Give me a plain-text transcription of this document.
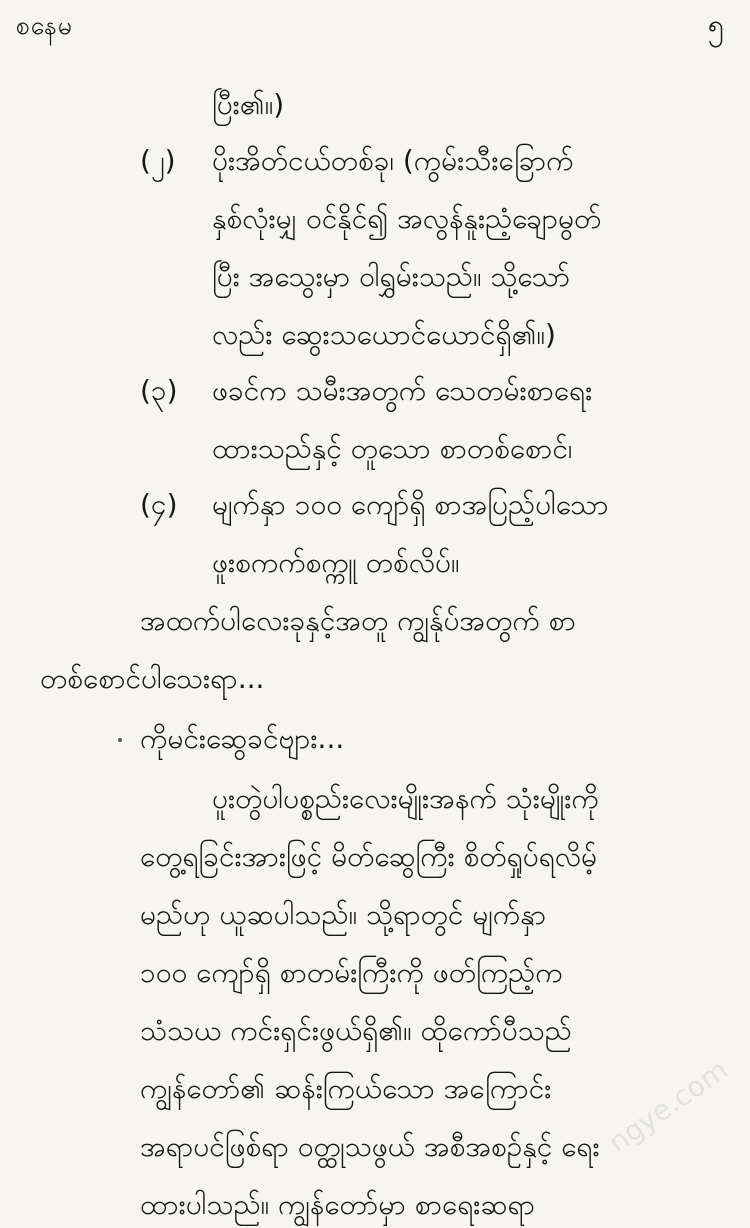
စနေမ	၅
ပြီး၏။)
(၂) ပိုးအိတ်ငယ်တစ်ခု၊ (ကွမ်းသီးခြောက်
နှစ်လုံးမျှ ဝင်နိုင်၍ အလွန်နူးညံ့ချောမွတ်
ပြီး အသွေးမှာ ဝါရွှမ်းသည်။ သို့သော်
လည်း ဆွေးသယောင်ယောင်ရှိ၏။)
(၃) ဖခင်က သမီးအတွက် သေတမ်းစာရေး
ထားသည်နှင့် တူသော စာတစ်စောင်၊
(၄) မျက်နှာ ၁၀၀ ကျော်ရှိ စာအပြည့်ပါသော
ဖူးစကက်စက္ကူ တစ်လိပ်။
အထက်ပါလေးခုနှင့်အတူ ကျွန်ုပ်အတွက် စာ
တစ်စောင်ပါသေးရာ...
ကိုမင်းဆွေခင်ဗျား...
ပူးတွဲပါပစ္စည်းလေးမျိုးအနက် သုံးမျိုးကို
တွေ့ရခြင်းအားဖြင့် မိတ်ဆွေကြီး စိတ်ရှုပ်ရလိမ့်
မည်ဟု ယူဆပါသည်။ သို့ရာတွင် မျက်နှာ
၁၀၀ ကျော်ရှိ စာတမ်းကြီးကို ဖတ်ကြည့်က
သံသယ ကင်းရှင်းဖွယ်ရှိ၏။ ထိုကော်ပီသည်
ကျွန်တော်၏ ဆန်းကြယ်သော အကြောင်း
အရာပင်ဖြစ်ရာ ဝတ္ထုသဖွယ် အစီအစဉ်နှင့် ရေး
ထားပါသည်။ ကျွန်တော်မှာ စာရေးဆရာ
ngye.com
